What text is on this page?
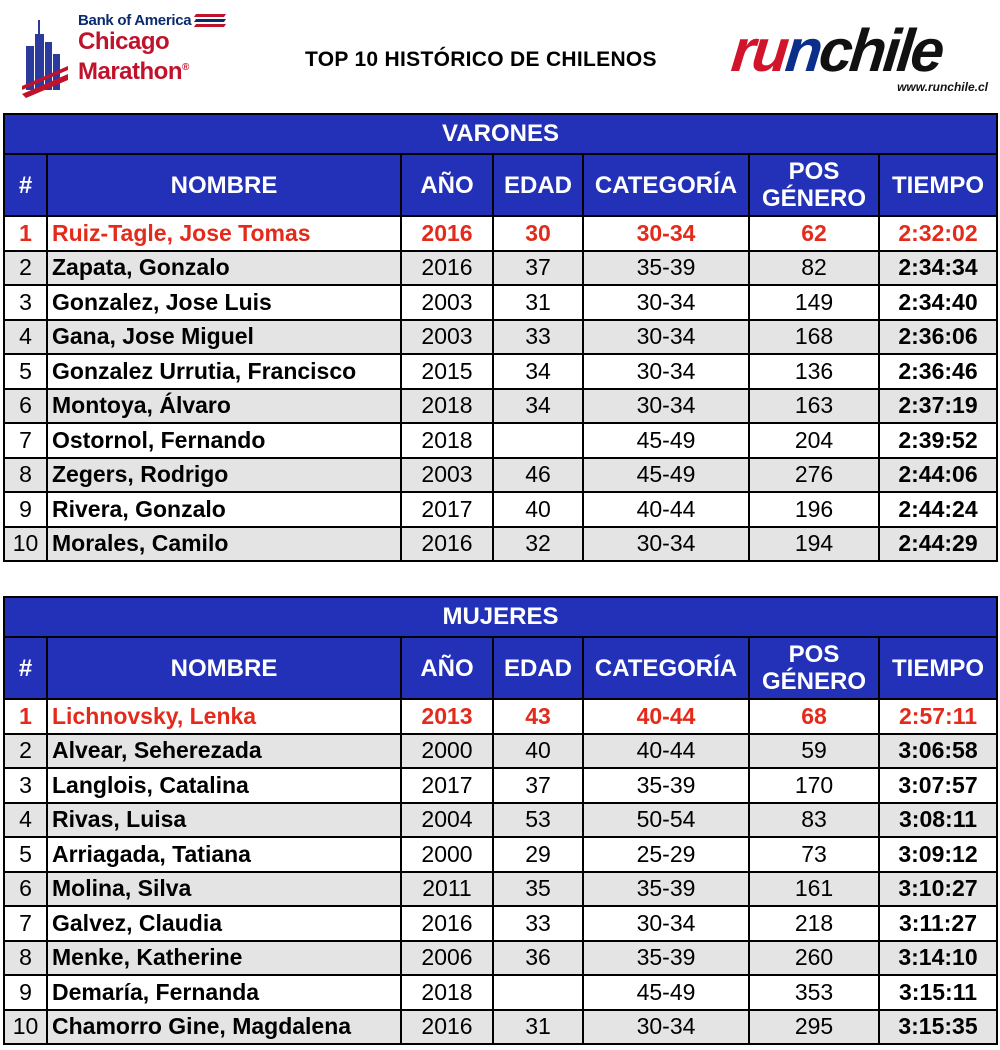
Bank of America
Chicago
Marathon®	TOP 10 HISTÓRICO DE CHILENOS runchile
www.runchile.cl
VARONES						
#	NOMBRE	AÑO	EDAD	CATEGORÍA	POS GÉNERO	TIEMPO
1	Ruiz-Tagle, Jose Tomas	2016	30	30-34	62	2:32:02
2	Zapata, Gonzalo	2016	37	35-39	82	2:34:34
3	Gonzalez, Jose Luis	2003	31	30-34	149	2:34:40
4	Gana, Jose Miguel	2003	33	30-34	168	2:36:06
5	Gonzalez Urrutia, Francisco	2015	34	30-34	136	2:36:46
6	Montoya, Álvaro	2018	34	30-34	163	2:37:19
7	Ostornol, Fernando	2018		45-49	204	2:39:52
8	Zegers, Rodrigo	2003	46	45-49	276	2:44:06
9	Rivera, Gonzalo	2017	40	40-44	196	2:44:24
10	Morales, Camilo	2016	32	30-34	194	2:44:29
MUJERES						
#	NOMBRE	AÑO	EDAD	CATEGORÍA	POS GÉNERO	TIEMPO
1	Lichnovsky, Lenka	2013	43	40-44	68	2:57:11
2	Alvear, Seherezada	2000	40	40-44	59	3:06:58
3	Langlois, Catalina	2017	37	35-39	170	3:07:57
4	Rivas, Luisa	2004	53	50-54	83	3:08:11
5	Arriagada, Tatiana	2000	29	25-29	73	3:09:12
6	Molina, Silva	2011	35	35-39	161	3:10:27
7	Galvez, Claudia	2016	33	30-34	218	3:11:27
8	Menke, Katherine	2006	36	35-39	260	3:14:10
9	Demaría, Fernanda	2018		45-49	353	3:15:11
10	Chamorro Gine, Magdalena	2016	31	30-34	295	3:15:35
